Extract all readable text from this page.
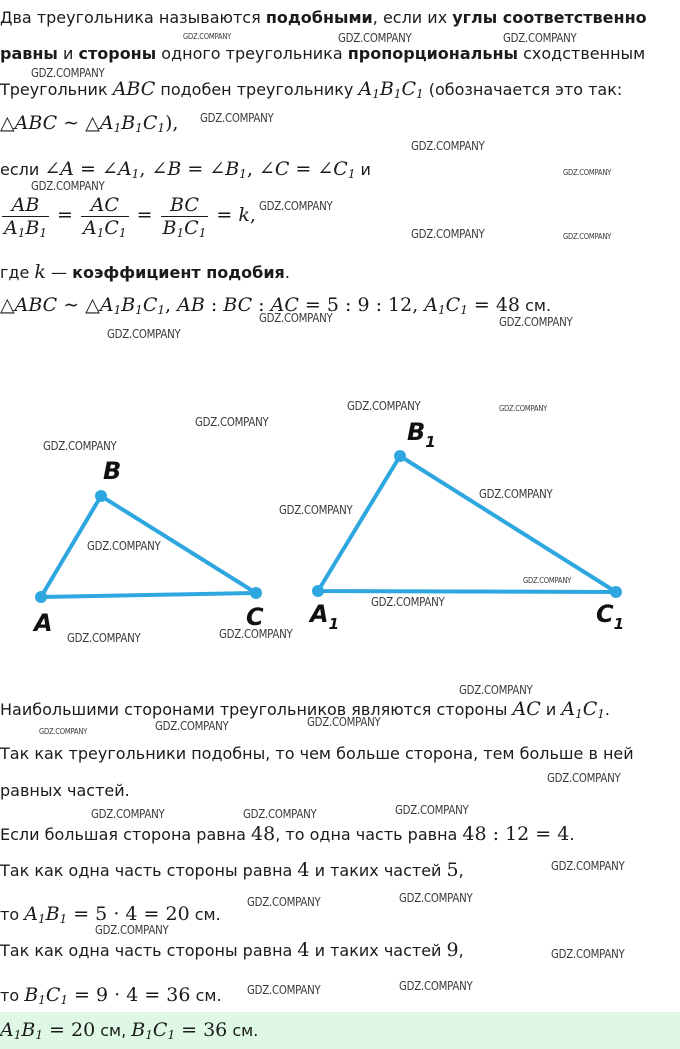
Два треугольника называются подобными, если их углы соответственно
равны и стороны одного треугольника пропорциональны сходственным
Треугольник ABC подобен треугольнику $A_1B_1C_1$ (обозначается это так:
△ABC ∼ $\triangle A_1B_1C_1$),
если ∠A = $\angle A_1$, ∠B = $\angle B_1$, ∠C = $\angle C_1$ и
$\frac{AB}{A_1B_1} = \frac{AC}{A_1C_1} = \frac{BC}{B_1C_1} = k$,
где k — коэффициент подобия.
△ABC ∼ $\triangle A_1B_1C_1$, AB : BC : AC = 5 : 9 : 12, $A_1C_1 = 48$ см.
A
B
C $A_1$
$B_1$
$C_1$
Наибольшими сторонами треугольников являются стороны AC и $A_1C_1$.
Так как треугольники подобны, то чем больше сторона, тем больше в ней
равных частей.
Если большая сторона равна 48, то одна часть равна 48 : 12 = 4.
Так как одна часть стороны равна 4 и таких частей 5,
то $A_1B_1 = 5 \cdot 4 = 20$ см.
Так как одна часть стороны равна 4 и таких частей 9,
то $B_1C_1 = 9 \cdot 4 = 36$ см.
$A_1B_1 = 20$ см, $B_1C_1 = 36$ см.
GDZ.COMPANY	GDZ.COMPANY	GDZ.COMPANY
GDZ.COMPANY
GDZ.COMPANY
GDZ.COMPANY
GDZ.COMPANY
GDZ.COMPANY
GDZ.COMPANY
GDZ.COMPANY	GDZ.COMPANY
GDZ.COMPANY	GDZ.COMPANY
GDZ.COMPANY
GDZ.COMPANY	GDZ.COMPANY
GDZ.COMPANY
GDZ.COMPANY
GDZ.COMPANY
GDZ.COMPANY
GDZ.COMPANY
GDZ.COMPANY
GDZ.COMPANY
GDZ.COMPANY
GDZ.COMPANY
GDZ.COMPANY
GDZ.COMPANY	GDZ.COMPANY
GDZ.COMPANY
GDZ.COMPANY
GDZ.COMPANY	GDZ.COMPANY	GDZ.COMPANY
GDZ.COMPANY
GDZ.COMPANY	GDZ.COMPANY
GDZ.COMPANY
GDZ.COMPANY
GDZ.COMPANY	GDZ.COMPANY
